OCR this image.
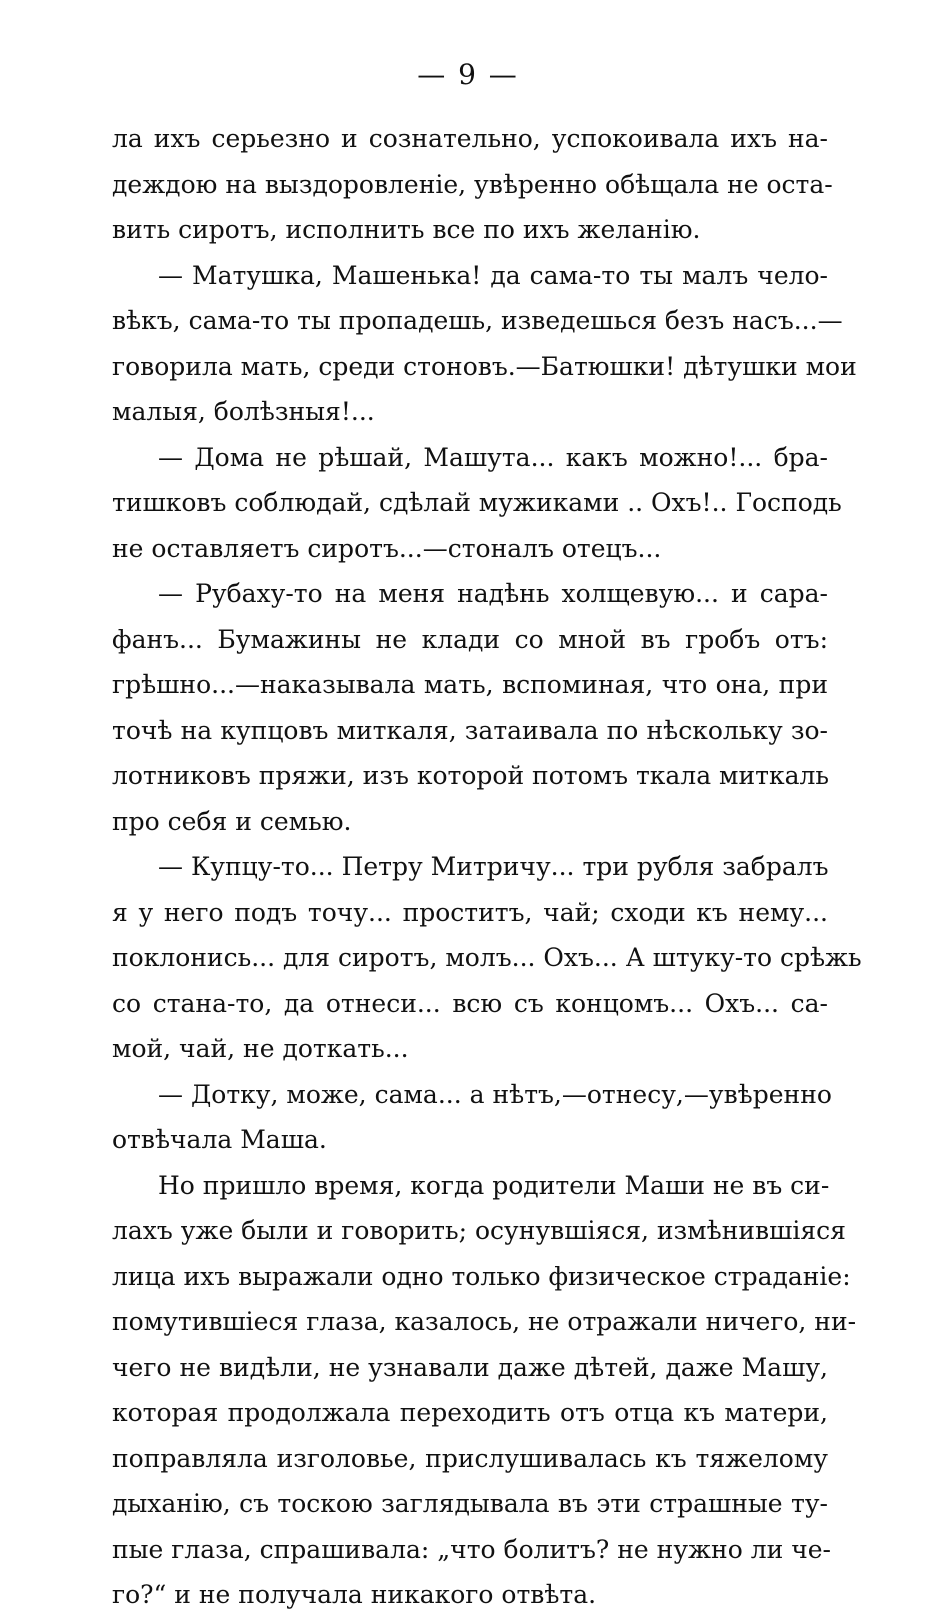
— 9 —
ла ихъ серьезно и сознательно, успокоивала ихъ на-
деждою на выздоровленіе, увѣренно обѣщала не оста-
вить сиротъ, исполнить все по ихъ желанію.
— Матушка, Машенька! да сама-то ты малъ чело-
вѣкъ, сама-то ты пропадешь, изведешься безъ насъ...—
говорила мать, среди стоновъ.—Батюшки! дѣтушки мои
малыя, болѣзныя!...
— Дома не рѣшай, Машута... какъ можно!... бра-
тишковъ соблюдай, сдѣлай мужиками .. Охъ!.. Господь
не оставляетъ сиротъ...—стоналъ отецъ...
— Рубаху-то на меня надѣнь холщевую... и сара-
фанъ... Бумажины не клади со мной въ гробъ отъ:
грѣшно...—наказывала мать, вспоминая, что она, при
точѣ на купцовъ миткаля, затаивала по нѣскольку зо-
лотниковъ пряжи, изъ которой потомъ ткала миткаль
про себя и семью.
— Купцу-то... Петру Митричу... три рубля забралъ
я у него подъ точу... проститъ, чай; сходи къ нему...
поклонись... для сиротъ, молъ... Охъ... А штуку-то срѣжь
со стана-то, да отнеси... всю съ концомъ... Охъ... са-
мой, чай, не доткать...
— Дотку, може, сама... а нѣтъ,—отнесу,—увѣренно
отвѣчала Маша.
Но пришло время, когда родители Маши не въ си-
лахъ уже были и говорить; осунувшіяся, измѣнившіяся
лица ихъ выражали одно только физическое страданіе:
помутившіеся глаза, казалось, не отражали ничего, ни-
чего не видѣли, не узнавали даже дѣтей, даже Машу,
которая продолжала переходить отъ отца къ матери,
поправляла изголовье, прислушивалась къ тяжелому
дыханію, съ тоскою заглядывала въ эти страшные ту-
пые глаза, спрашивала: „что болитъ? не нужно ли че-
го?“ и не получала никакого отвѣта.
